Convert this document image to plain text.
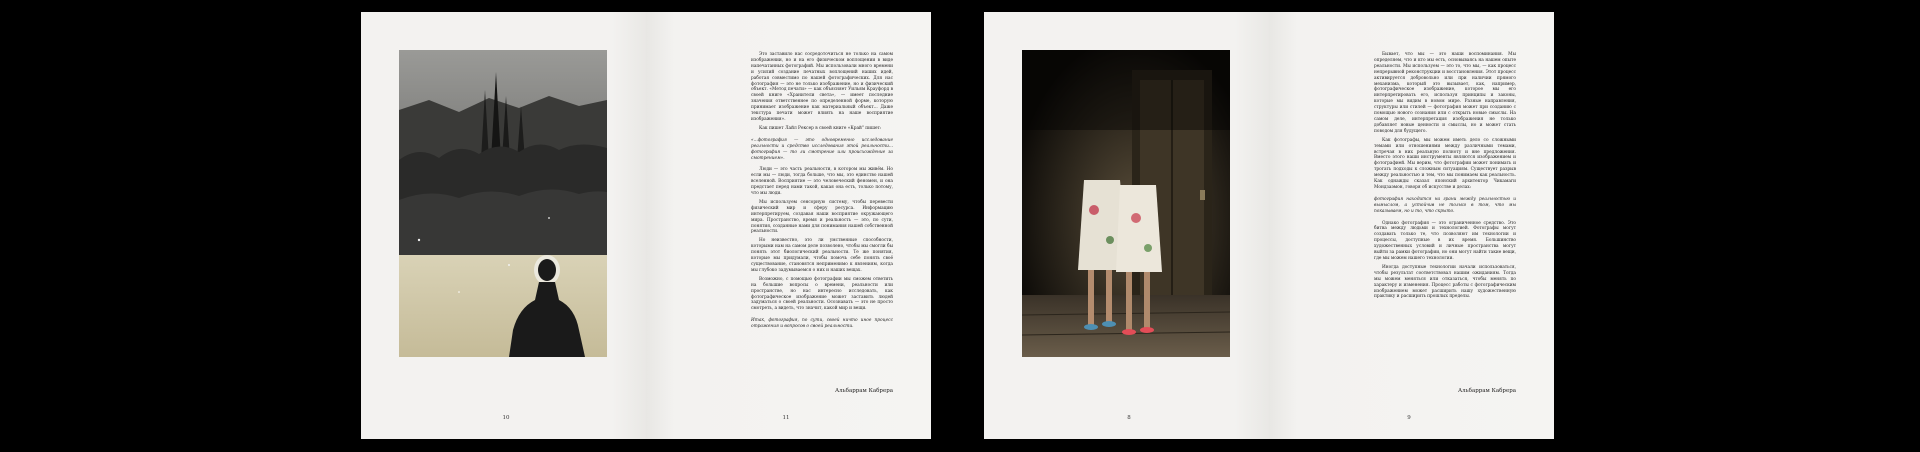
10

Это заставило нас сосредоточиться не только на самом изображении, но и на его физическом воплощении в виде напечатанных фотографий. Мы использовали много времени и усилий создание печатных воплощений наших идей, работая совместимо по нашей фотографических. Для нас фотография — это не только изображение, но и физический объект. «Метод печати» — как объясняет Уильям Крауфорд в своей книге «Хранители света», — имеет последние значения ответственнее по определенной форме, которую принимает изображение как материальный объект... Даже текстура печати может влиять на наше восприятие изображения».

Как пишет Лайл Рексер в своей книге «Край" пишет:

«...фотография — это одновременно исследование реальности и средство исследования этой реальности... фотография — то ли смотрение или происхождение за смотрением».

Люди — это часть реальности, в котором мы живём. Но если мы — люди, тогда больше, что мы, это единство нашей вселенной. Восприятие — это человеческий феномен, и она предстает перед нами такой, какая она есть, только потому, что мы люди.

Мы используем сенсорную систему, чтобы перевести физический мир и сферу ресурса. Информацию интерпретируем, создавая наши восприятие окружающего мира. Пространство, время и реальность — это, по сути, понятия, созданные нами для понимания нашей собственной реальности.

Но неизвестно, это ли умственные способности, которыми нам на самом деле позволено, чтобы мы смогли бы понять этот биологический реальности. Те же понятия, которые мы придумали, чтобы помочь себе понять своё существование, становятся неприменимо к явлениям, когда мы глубоко задумываемся о них и наших вещах.

Возможно, с помощью фотографии мы сможем ответить на большие вопросы о времени, реальности или пространстве, но нас интересно исследовать, как фотографическое изображение может заставить людей задуматься о своей реальности. Осознавать — это не просто смотреть, а видеть, что значит, какой мир и вещи.

Итак, фотография, по сути, своей ничто иное процесс отражения и вопросов о своей реальности.

Альбаррам Кабрера
11	8

Бывает, что мы — это наши воспоминания. Мы определяем, что и кто мы есть, основываясь на нашем опыте реальности. Мы используем — это то, что мы, — как процесс непрерывной реконструкции и восстановления. Этот процесс активируется добровольно или при наличии прямого механизма, который это вызывает, как, например, фотографическое изображение, которое мы его интерпретировать его, используя принципы и законы, которые мы видим в новом мире. Разные направления, структуры или стилей — фотография может при созданию с помощью нового сознания или с открыть новые смыслы. На самом деле, интерпретация изображения не только добавляет новые ценности и смыслы, но и может стать поводом для будущего.

Как фотографы, мы можем иметь дело со сложными темами или отношениями между различными темами, встречая в них реальную полноту и вне предложения. Вместо этого наши инструменты являются изображением и фотографией. Мы верим, что фотографии может понимать и трогать подходы к сложным ситуациям. Существует разрыв между реальностью и тем, что мы понимаем как реальность. Как однажды сказал японский архитектор Чикамаги Мондзаэмон, говоря об искусстве и делах:

фотография находится на грани между реальностью и вымыслом, а устойчив не только в том, что мы показываем, но и то, что скрыто.

Однако фотография — это ограниченное средство. Это битва между людьми и технологией. Фотографы могут создавать только те, что позволяют им технологии и процессы, доступные в их время. Большинство художественных условий и личные пространства могут выйти за рамки фотографии, но они могут найти такие вещи, где мы можем нашего технологии.

Иногда доступные технологии начали использоваться, чтобы результат соответствовал нашим ожиданиям. Тогда мы можем меняться или отказаться, чтобы менять по характеру и изменения. Процесс работы с фотографическим изображением может расширить нашу художественную практику и расширить прошлых пределы.

Альбаррам Кабрера
9
